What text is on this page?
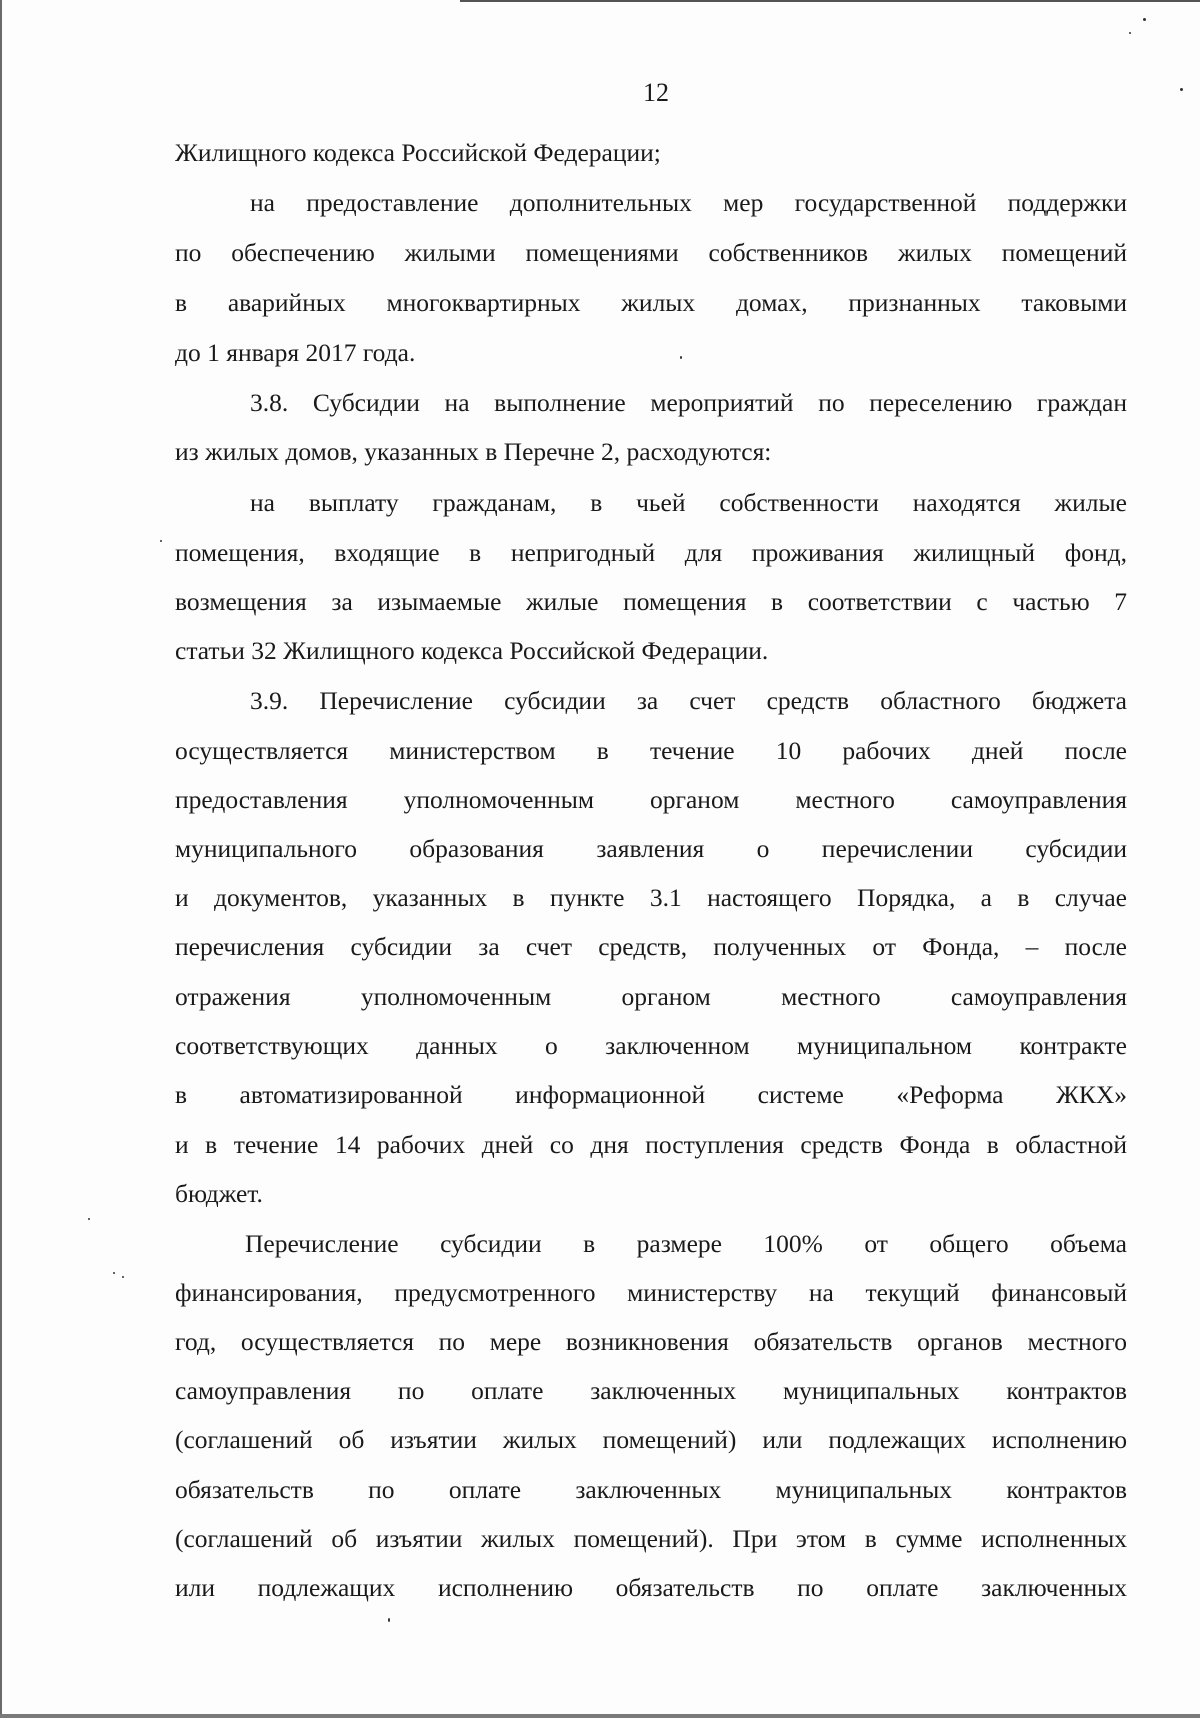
12
Жилищного кодекса Российской Федерации;
на предоставление дополнительных мер государственной поддержки
по обеспечению жилыми помещениями собственников жилых помещений
в аварийных многоквартирных жилых домах, признанных таковыми
до 1 января 2017 года.
3.8. Субсидии на выполнение мероприятий по переселению граждан
из жилых домов, указанных в Перечне 2, расходуются:
на выплату гражданам, в чьей собственности находятся жилые
помещения, входящие в непригодный для проживания жилищный фонд,
возмещения за изымаемые жилые помещения в соответствии с частью 7
статьи 32 Жилищного кодекса Российской Федерации.
3.9. Перечисление субсидии за счет средств областного бюджета
осуществляется министерством в течение 10 рабочих дней после
предоставления уполномоченным органом местного самоуправления
муниципального образования заявления о перечислении субсидии
и документов, указанных в пункте 3.1 настоящего Порядка, а в случае
перечисления субсидии за счет средств, полученных от Фонда, – после
отражения уполномоченным органом местного самоуправления
соответствующих данных о заключенном муниципальном контракте
в автоматизированной информационной системе «Реформа ЖКХ»
и в течение 14 рабочих дней со дня поступления средств Фонда в областной
бюджет.
Перечисление субсидии в размере 100% от общего объема
финансирования, предусмотренного министерству на текущий финансовый
год, осуществляется по мере возникновения обязательств органов местного
самоуправления по оплате заключенных муниципальных контрактов
(соглашений об изъятии жилых помещений) или подлежащих исполнению
обязательств по оплате заключенных муниципальных контрактов
(соглашений об изъятии жилых помещений). При этом в сумме исполненных
или подлежащих исполнению обязательств по оплате заключенных
